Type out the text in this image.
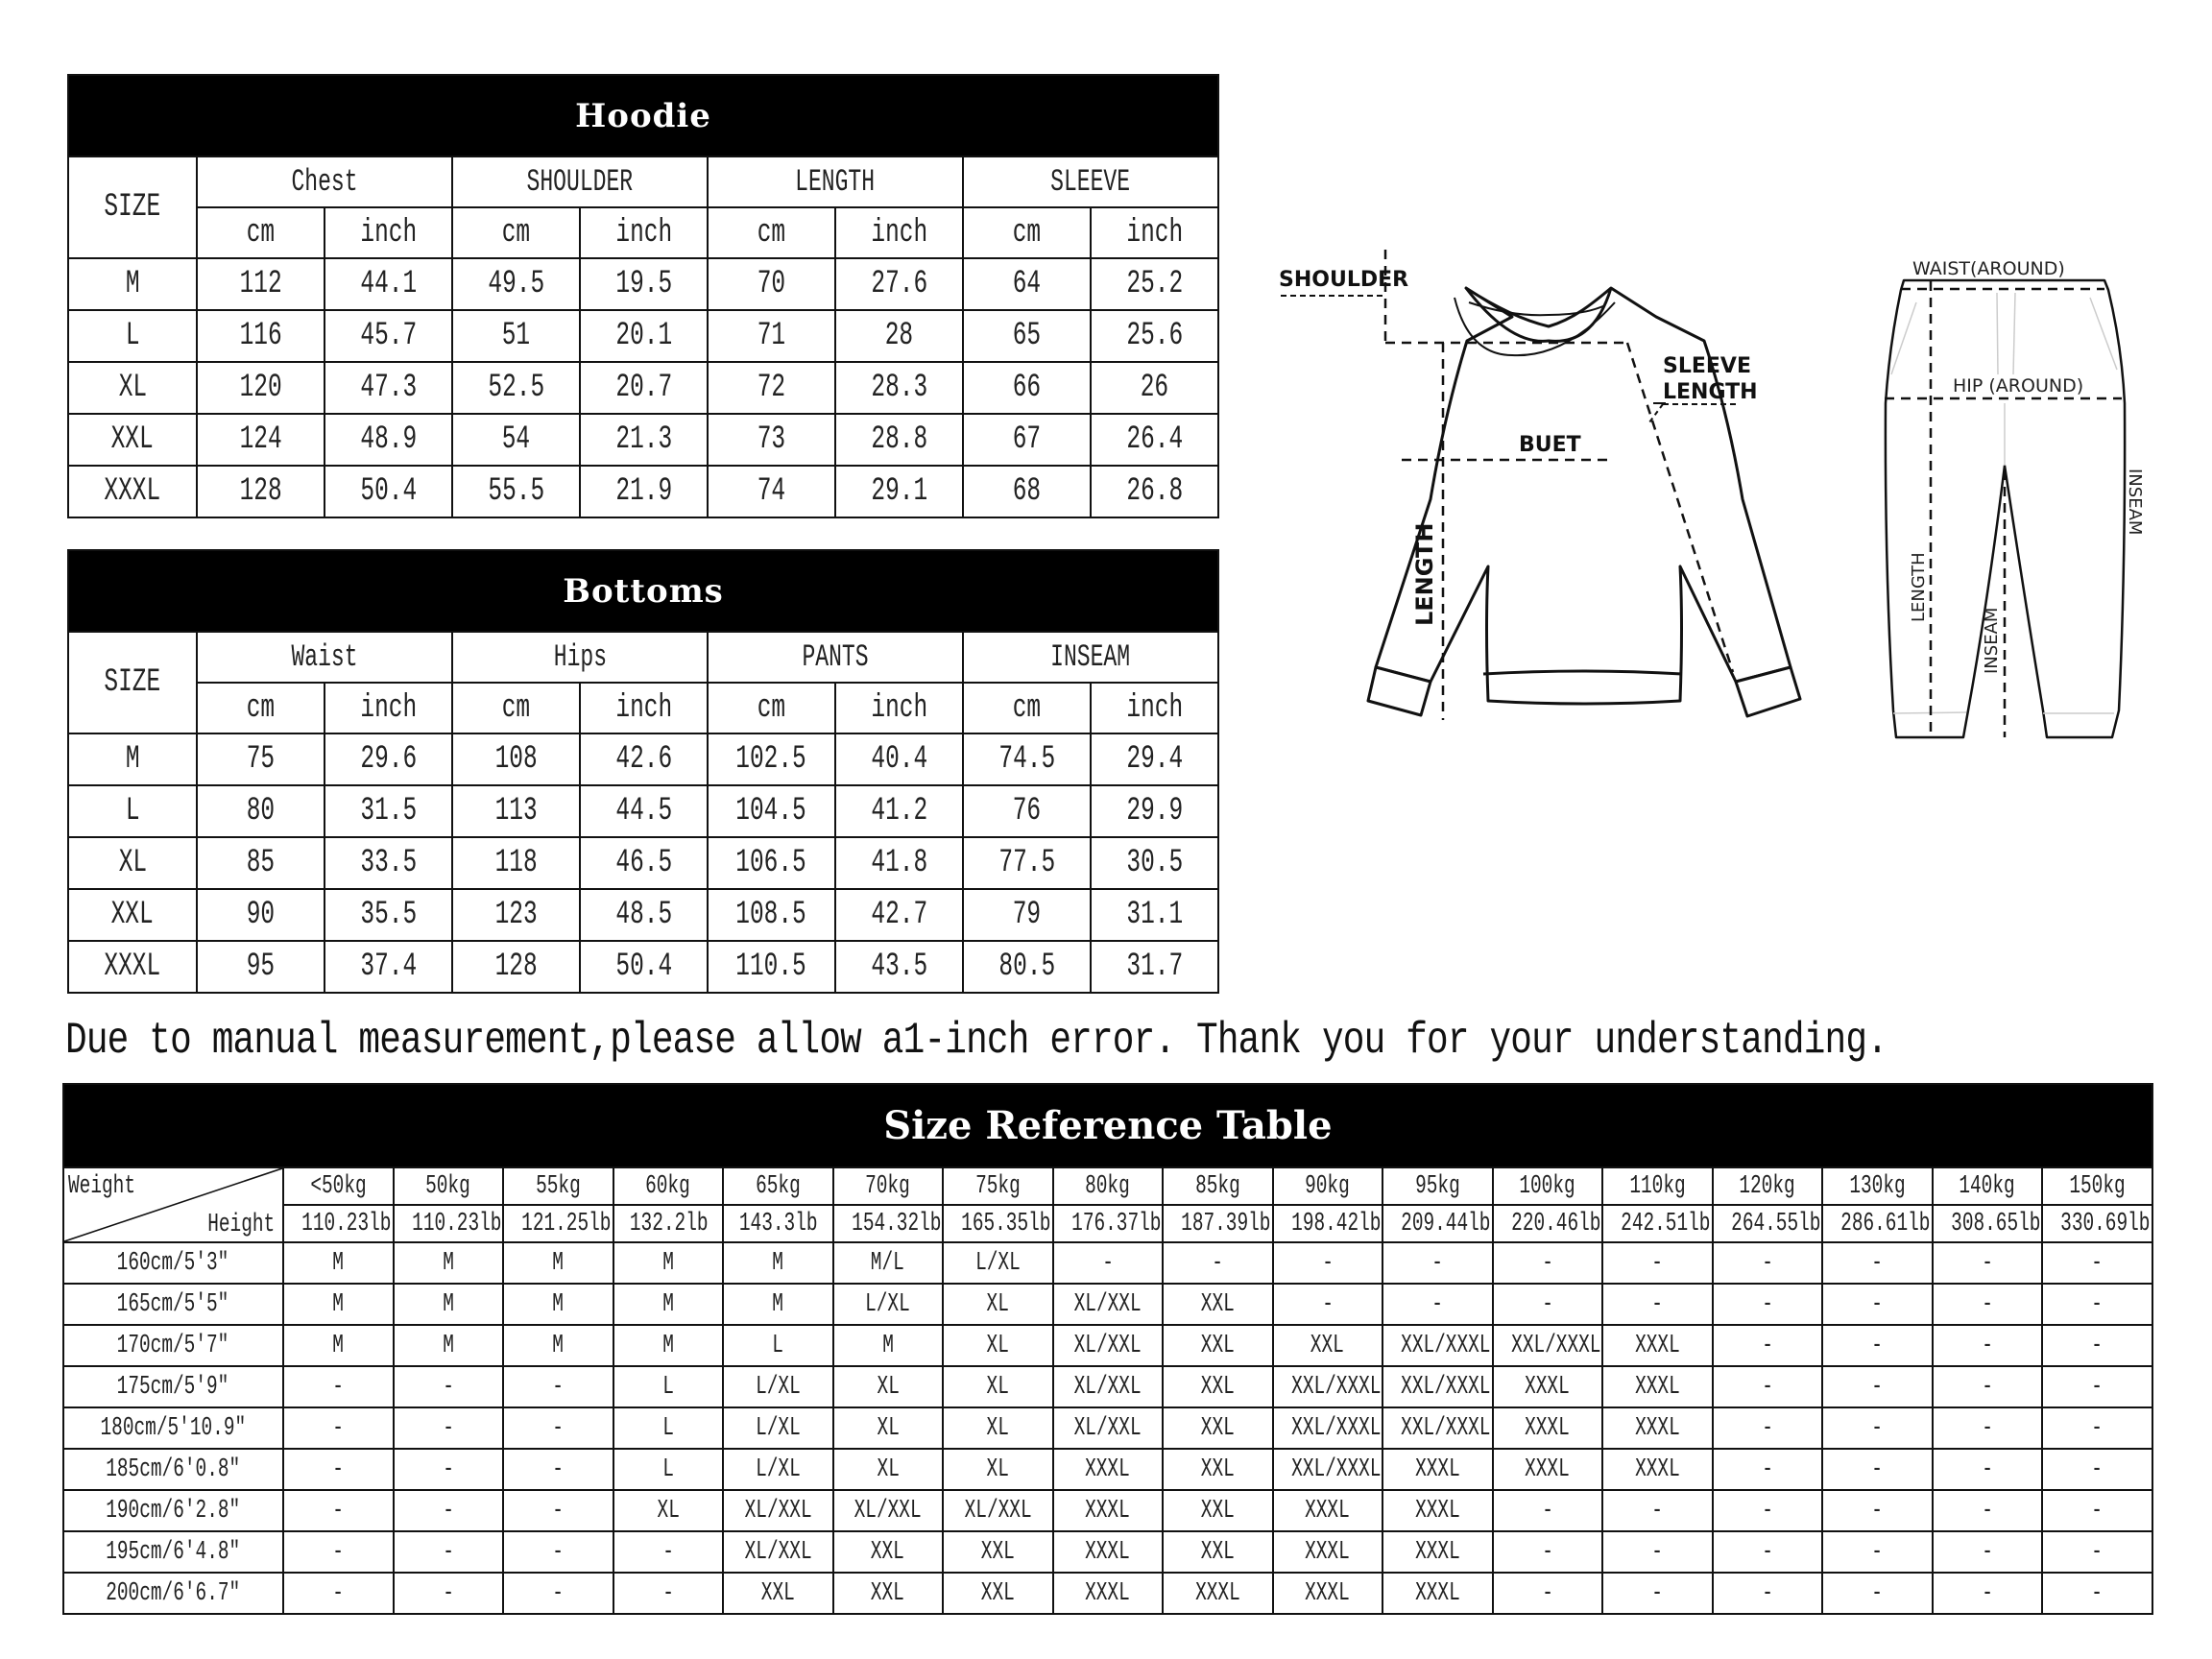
Hoodie								
SIZE	Chest		SHOULDER		LENGTH		SLEEVE	
	cm	inch	cm	inch	cm	inch	cm	inch
M	112	44.1	49.5	19.5	70	27.6	64	25.2
L	116	45.7	51	20.1	71	28	65	25.6
XL	120	47.3	52.5	20.7	72	28.3	66	26
XXL	124	48.9	54	21.3	73	28.8	67	26.4
XXXL	128	50.4	55.5	21.9	74	29.1	68	26.8
Bottoms								
SIZE	Waist		Hips		PANTS		INSEAM	
	cm	inch	cm	inch	cm	inch	cm	inch
M	75	29.6	108	42.6	102.5	40.4	74.5	29.4
L	80	31.5	113	44.5	104.5	41.2	76	29.9
XL	85	33.5	118	46.5	106.5	41.8	77.5	30.5
XXL	90	35.5	123	48.5	108.5	42.7	79	31.1
XXXL	95	37.4	128	50.4	110.5	43.5	80.5	31.7
SHOULDER
SLEEVE
LENGTH
BUET
LENGTH
WAIST(AROUND)
HIP (AROUND)
LENGTH
INSEAM
INSEAM
Due to manual measurement,please allow a1-inch error. Thank you for your understanding.
Size Reference Table																	

Weight
Height	<50kg	50kg	55kg	60kg	65kg	70kg	75kg	80kg	85kg	90kg	95kg	100kg	110kg	120kg	130kg	140kg	150kg
	110.23lb	110.23lb	121.25lb	132.2lb	143.3lb	154.32lb	165.35lb	176.37lb	187.39lb	198.42lb	209.44lb	220.46lb	242.51lb	264.55lb	286.61lb	308.65lb	330.69lb
160cm/5'3"	M	M	M	M	M	M/L	L/XL	-	-	-	-	-	-	-	-	-	-
165cm/5'5"	M	M	M	M	M	L/XL	XL	XL/XXL	XXL	-	-	-	-	-	-	-	-
170cm/5'7"	M	M	M	M	L	M	XL	XL/XXL	XXL	XXL	XXL/XXXL	XXL/XXXL	XXXL	-	-	-	-
175cm/5'9"	-	-	-	L	L/XL	XL	XL	XL/XXL	XXL	XXL/XXXL	XXL/XXXL	XXXL	XXXL	-	-	-	-
180cm/5'10.9"	-	-	-	L	L/XL	XL	XL	XL/XXL	XXL	XXL/XXXL	XXL/XXXL	XXXL	XXXL	-	-	-	-
185cm/6'0.8"	-	-	-	L	L/XL	XL	XL	XXXL	XXL	XXL/XXXL	XXXL	XXXL	XXXL	-	-	-	-
190cm/6'2.8"	-	-	-	XL	XL/XXL	XL/XXL	XL/XXL	XXXL	XXL	XXXL	XXXL	-	-	-	-	-	-
195cm/6'4.8"	-	-	-	-	XL/XXL	XXL	XXL	XXXL	XXL	XXXL	XXXL	-	-	-	-	-	-
200cm/6'6.7"	-	-	-	-	XXL	XXL	XXL	XXXL	XXXL	XXXL	XXXL	-	-	-	-	-	-
